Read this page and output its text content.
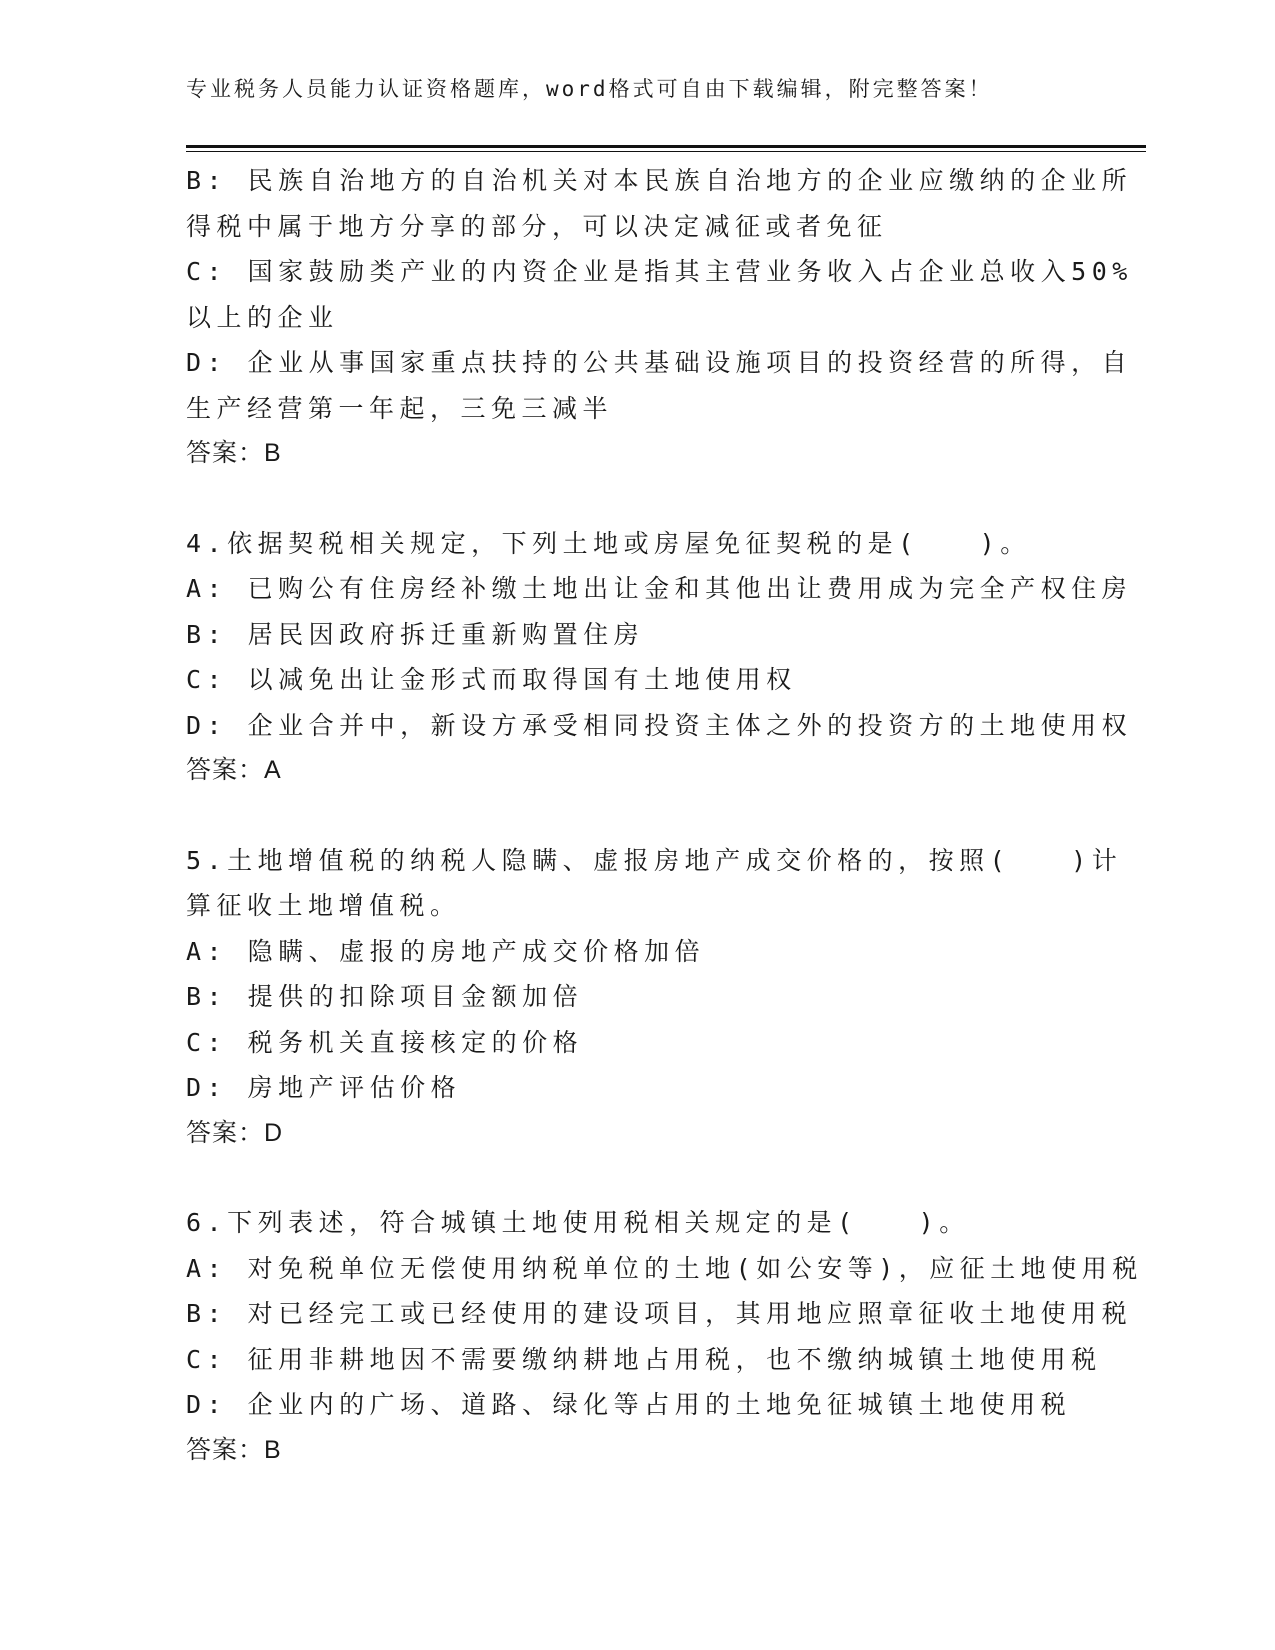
专业税务人员能力认证资格题库，word格式可自由下载编辑，附完整答案！
B: 民族自治地方的自治机关对本民族自治地方的企业应缴纳的企业所
得税中属于地方分享的部分，可以决定减征或者免征
C: 国家鼓励类产业的内资企业是指其主营业务收入占企业总收入50%
以上的企业
D: 企业从事国家重点扶持的公共基础设施项目的投资经营的所得，自
生产经营第一年起，三免三减半
答案：B
4.依据契税相关规定，下列土地或房屋免征契税的是(　　)。
A: 已购公有住房经补缴土地出让金和其他出让费用成为完全产权住房
B: 居民因政府拆迁重新购置住房
C: 以减免出让金形式而取得国有土地使用权
D: 企业合并中，新设方承受相同投资主体之外的投资方的土地使用权
答案：A
5.土地增值税的纳税人隐瞒、虚报房地产成交价格的，按照(　　)计
算征收土地增值税。
A: 隐瞒、虚报的房地产成交价格加倍
B: 提供的扣除项目金额加倍
C: 税务机关直接核定的价格
D: 房地产评估价格
答案：D
6.下列表述，符合城镇土地使用税相关规定的是(　　)。
A: 对免税单位无偿使用纳税单位的土地(如公安等)，应征土地使用税
B: 对已经完工或已经使用的建设项目，其用地应照章征收土地使用税
C: 征用非耕地因不需要缴纳耕地占用税，也不缴纳城镇土地使用税
D: 企业内的广场、道路、绿化等占用的土地免征城镇土地使用税
答案：B
